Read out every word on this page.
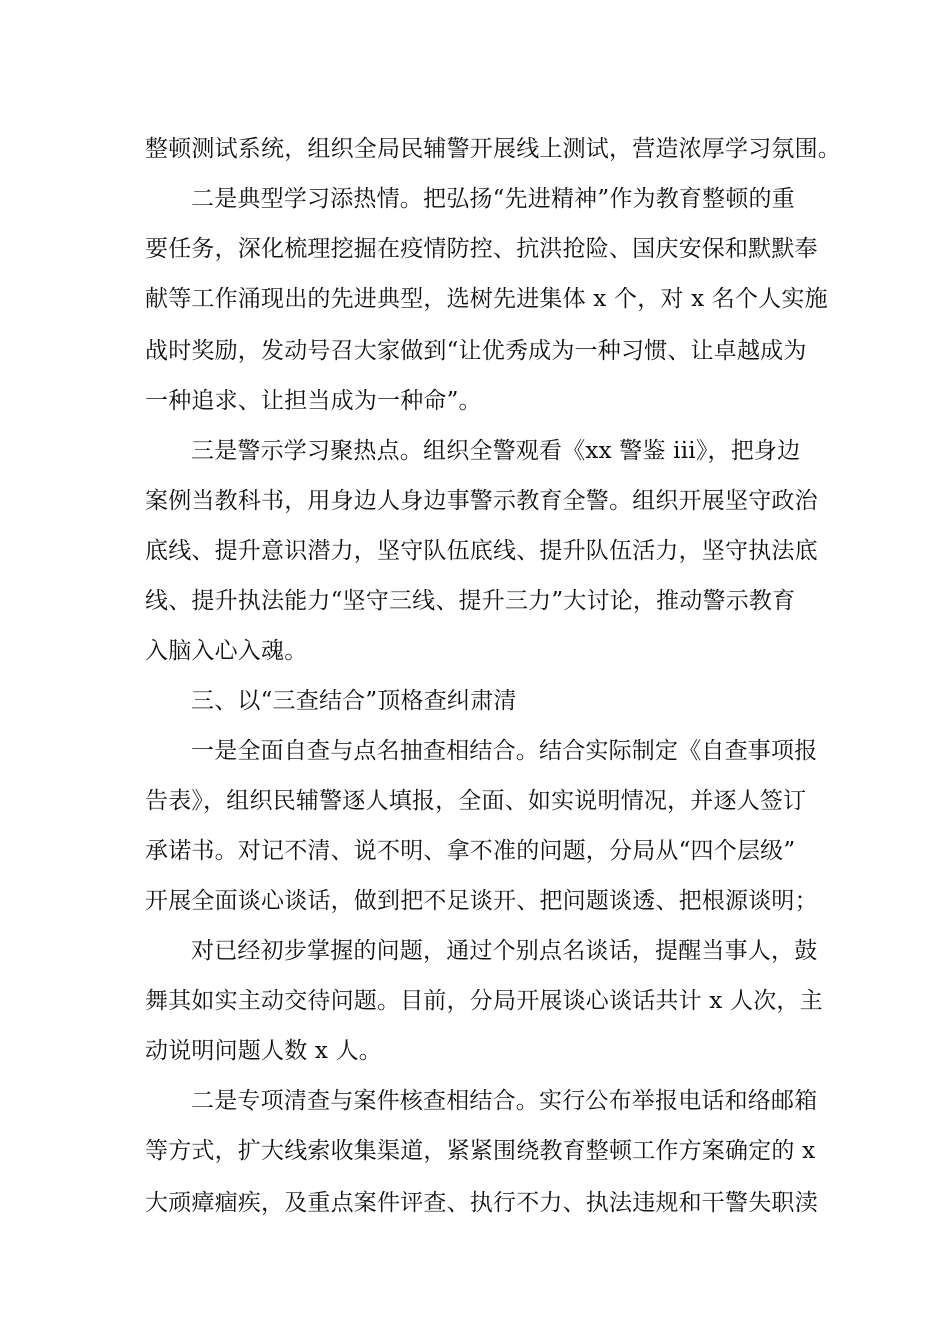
整顿测试系统，组织全局民辅警开展线上测试，营造浓厚学习氛围。
二是典型学习添热情。把弘扬“先进精神”作为教育整顿的重
要任务，深化梳理挖掘在疫情防控、抗洪抢险、国庆安保和默默奉
献等工作涌现出的先进典型，选树先进集体 x 个，对 x 名个人实施
战时奖励，发动号召大家做到“让优秀成为一种习惯、让卓越成为
一种追求、让担当成为一种命”。
三是警示学习聚热点。组织全警观看《xx 警鉴 iii》，把身边
案例当教科书，用身边人身边事警示教育全警。组织开展坚守政治
底线、提升意识潜力，坚守队伍底线、提升队伍活力，坚守执法底
线、提升执法能力“坚守三线、提升三力”大讨论，推动警示教育
入脑入心入魂。
三、以“三查结合”顶格查纠肃清
一是全面自查与点名抽查相结合。结合实际制定《自查事项报
告表》，组织民辅警逐人填报，全面、如实说明情况，并逐人签订
承诺书。对记不清、说不明、拿不准的问题，分局从“四个层级”
开展全面谈心谈话，做到把不足谈开、把问题谈透、把根源谈明；
对已经初步掌握的问题，通过个别点名谈话，提醒当事人，鼓
舞其如实主动交待问题。目前，分局开展谈心谈话共计 x 人次，主
动说明问题人数 x 人。
二是专项清查与案件核查相结合。实行公布举报电话和络邮箱
等方式，扩大线索收集渠道，紧紧围绕教育整顿工作方案确定的 x
大顽瘴痼疾，及重点案件评查、执行不力、执法违规和干警失职渎
